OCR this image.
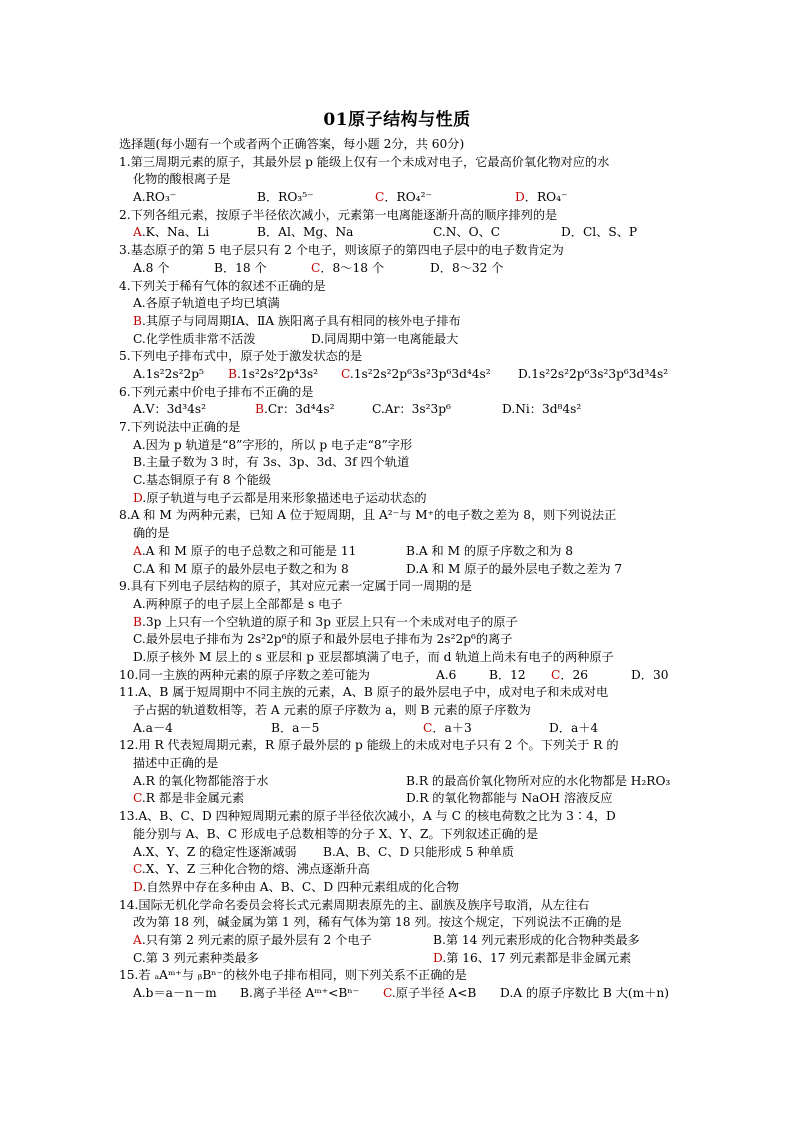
01原子结构与性质
选择题(每小题有一个或者两个正确答案，每小题 2分，共 60分)
1.第三周期元素的原子，其最外层 p 能级上仅有一个未成对电子，它最高价氧化物对应的水
化物的酸根离子是
A.RO₃⁻	B．RO₃⁵⁻	C．RO₄²⁻	D．RO₄⁻
2.下列各组元素，按原子半径依次减小，元素第一电离能逐渐升高的顺序排列的是
A.K、Na、Li	B．Al、Mg、Na	C.N、O、C	D．Cl、S、P
3.基态原子的第 5 电子层只有 2 个电子，则该原子的第四电子层中的电子数肯定为
A.8 个	B．18 个	C．8～18 个	D．8～32 个
4.下列关于稀有气体的叙述不正确的是
A.各原子轨道电子均已填满
B.其原子与同周期ⅠA、ⅡA 族阳离子具有相同的核外电子排布
C.化学性质非常不活泼	D.同周期中第一电离能最大
5.下列电子排布式中，原子处于激发状态的是
A.1s²2s²2p⁵ B.1s²2s²2p⁴3s² C.1s²2s²2p⁶3s²3p⁶3d⁴4s² D.1s²2s²2p⁶3s²3p⁶3d³4s²
6.下列元素中价电子排布不正确的是
A.V：3d³4s²	B.Cr：3d⁴4s²	C.Ar：3s²3p⁶	D.Ni：3d⁸4s²
7.下列说法中正确的是
A.因为 p 轨道是“8”字形的，所以 p 电子走“8”字形
B.主量子数为 3 时，有 3s、3p、3d、3f 四个轨道
C.基态铜原子有 8 个能级
D.原子轨道与电子云都是用来形象描述电子运动状态的
8.A 和 M 为两种元素，已知 A 位于短周期，且 A²⁻与 M⁺的电子数之差为 8，则下列说法正
确的是
A.A 和 M 原子的电子总数之和可能是 11	B.A 和 M 的原子序数之和为 8
C.A 和 M 原子的最外层电子数之和为 8	D.A 和 M 原子的最外层电子数之差为 7
9.具有下列电子层结构的原子，其对应元素一定属于同一周期的是
A.两种原子的电子层上全部都是 s 电子
B.3p 上只有一个空轨道的原子和 3p 亚层上只有一个未成对电子的原子
C.最外层电子排布为 2s²2p⁶的原子和最外层电子排布为 2s²2p⁶的离子
D.原子核外 M 层上的 s 亚层和 p 亚层都填满了电子，而 d 轨道上尚未有电子的两种原子
10.同一主族的两种元素的原子序数之差可能为	A.6	B．12 C．26	D．30
11.A、B 属于短周期中不同主族的元素，A、B 原子的最外层电子中，成对电子和未成对电
子占据的轨道数相等，若 A 元素的原子序数为 a，则 B 元素的原子序数为
A.a－4	B．a－5	C．a＋3	D．a＋4
12.用 R 代表短周期元素，R 原子最外层的 p 能级上的未成对电子只有 2 个。下列关于 R 的
描述中正确的是
A.R 的氧化物都能溶于水	B.R 的最高价氧化物所对应的水化物都是 H₂RO₃
C.R 都是非金属元素	D.R 的氧化物都能与 NaOH 溶液反应
13.A、B、C、D 四种短周期元素的原子半径依次减小，A 与 C 的核电荷数之比为 3∶4，D
能分别与 A、B、C 形成电子总数相等的分子 X、Y、Z。下列叙述正确的是
A.X、Y、Z 的稳定性逐渐减弱 B.A、B、C、D 只能形成 5 种单质
C.X、Y、Z 三种化合物的熔、沸点逐渐升高
D.自然界中存在多种由 A、B、C、D 四种元素组成的化合物
14.国际无机化学命名委员会将长式元素周期表原先的主、副族及族序号取消，从左往右
改为第 18 列，碱金属为第 1 列，稀有气体为第 18 列。按这个规定，下列说法不正确的是
A.只有第 2 列元素的原子最外层有 2 个电子	B.第 14 列元素形成的化合物种类最多
C.第 3 列元素种类最多	D.第 16、17 列元素都是非金属元素
15.若 ₐAᵐ⁺与 ᵦBⁿ⁻的核外电子排布相同，则下列关系不正确的是
A.b＝a－n－m B.离子半径 Aᵐ⁺<Bⁿ⁻ C.原子半径 A<B D.A 的原子序数比 B 大(m＋n)
